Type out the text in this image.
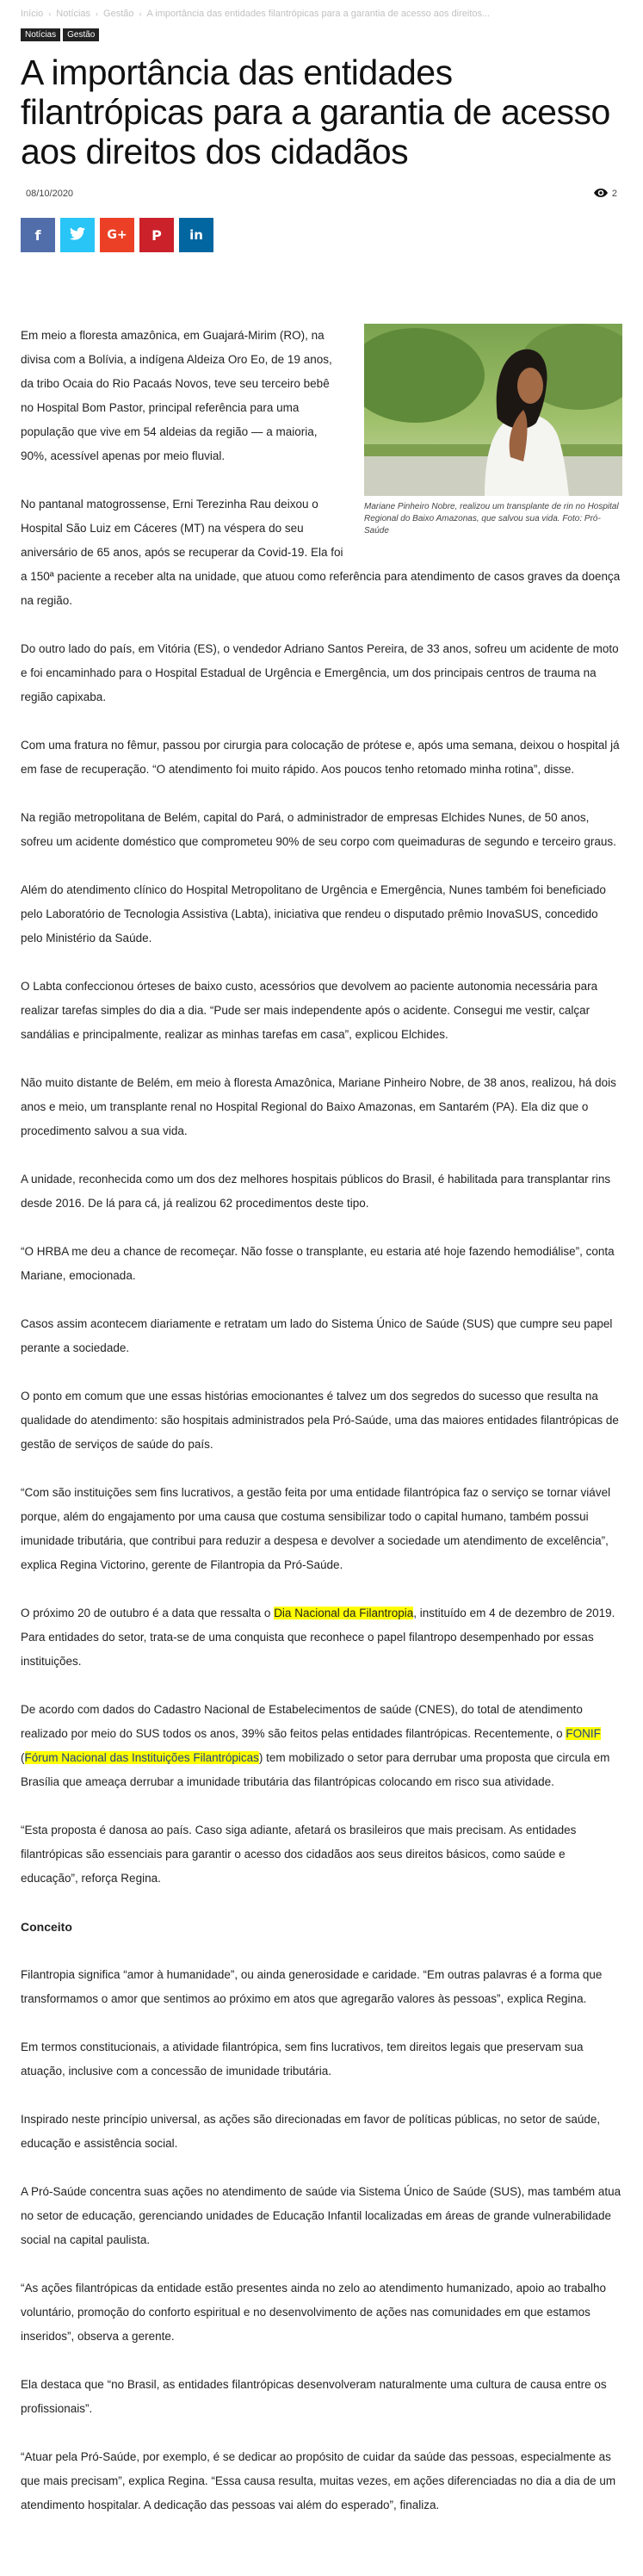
Início › Notícias › Gestão › A importância das entidades filantrópicas para a garantia de acesso aos direitos...
Notícias Gestão
A importância das entidades filantrópicas para a garantia de acesso aos direitos dos cidadãos
08/10/2020	2
f	G+ P in
Mariane Pinheiro Nobre, realizou um transplante de rin no Hospital Regional do Baixo Amazonas, que salvou sua vida. Foto: Pró-Saúde

Em meio a floresta amazônica, em Guajará-Mirim (RO), na divisa com a Bolívia, a indígena Aldeiza Oro Eo, de 19 anos, da tribo Ocaia do Rio Pacaás Novos, teve seu terceiro bebê no Hospital Bom Pastor, principal referência para uma população que vive em 54 aldeias da região — a maioria, 90%, acessível apenas por meio fluvial.

No pantanal matogrossense, Erni Terezinha Rau deixou o Hospital São Luiz em Cáceres (MT) na véspera do seu aniversário de 65 anos, após se recuperar da Covid-19. Ela foi a 150ª paciente a receber alta na unidade, que atuou como referência para atendimento de casos graves da doença na região.

Do outro lado do país, em Vitória (ES), o vendedor Adriano Santos Pereira, de 33 anos, sofreu um acidente de moto e foi encaminhado para o Hospital Estadual de Urgência e Emergência, um dos principais centros de trauma na região capixaba.

Com uma fratura no fêmur, passou por cirurgia para colocação de prótese e, após uma semana, deixou o hospital já em fase de recuperação. “O atendimento foi muito rápido. Aos poucos tenho retomado minha rotina”, disse.

Na região metropolitana de Belém, capital do Pará, o administrador de empresas Elchides Nunes, de 50 anos, sofreu um acidente doméstico que comprometeu 90% de seu corpo com queimaduras de segundo e terceiro graus.

Além do atendimento clínico do Hospital Metropolitano de Urgência e Emergência, Nunes também foi beneficiado pelo Laboratório de Tecnologia Assistiva (Labta), iniciativa que rendeu o disputado prêmio InovaSUS, concedido pelo Ministério da Saúde.

O Labta confeccionou órteses de baixo custo, acessórios que devolvem ao paciente autonomia necessária para realizar tarefas simples do dia a dia. “Pude ser mais independente após o acidente. Consegui me vestir, calçar sandálias e principalmente, realizar as minhas tarefas em casa”, explicou Elchides.

Não muito distante de Belém, em meio à floresta Amazônica, Mariane Pinheiro Nobre, de 38 anos, realizou, há dois anos e meio, um transplante renal no Hospital Regional do Baixo Amazonas, em Santarém (PA). Ela diz que o procedimento salvou a sua vida.

A unidade, reconhecida como um dos dez melhores hospitais públicos do Brasil, é habilitada para transplantar rins desde 2016. De lá para cá, já realizou 62 procedimentos deste tipo.

“O HRBA me deu a chance de recomeçar. Não fosse o transplante, eu estaria até hoje fazendo hemodiálise”, conta Mariane, emocionada.

Casos assim acontecem diariamente e retratam um lado do Sistema Único de Saúde (SUS) que cumpre seu papel perante a sociedade.

O ponto em comum que une essas histórias emocionantes é talvez um dos segredos do sucesso que resulta na qualidade do atendimento: são hospitais administrados pela Pró-Saúde, uma das maiores entidades filantrópicas de gestão de serviços de saúde do país.

“Com são instituições sem fins lucrativos, a gestão feita por uma entidade filantrópica faz o serviço se tornar viável porque, além do engajamento por uma causa que costuma sensibilizar todo o capital humano, também possui imunidade tributária, que contribui para reduzir a despesa e devolver a sociedade um atendimento de excelência”, explica Regina Victorino, gerente de Filantropia da Pró-Saúde.

O próximo 20 de outubro é a data que ressalta o Dia Nacional da Filantropia, instituído em 4 de dezembro de 2019. Para entidades do setor, trata-se de uma conquista que reconhece o papel filantropo desempenhado por essas instituições.

De acordo com dados do Cadastro Nacional de Estabelecimentos de saúde (CNES), do total de atendimento realizado por meio do SUS todos os anos, 39% são feitos pelas entidades filantrópicas. Recentemente, o FONIF (Fórum Nacional das Instituições Filantrópicas) tem mobilizado o setor para derrubar uma proposta que circula em Brasília que ameaça derrubar a imunidade tributária das filantrópicas colocando em risco sua atividade.

“Esta proposta é danosa ao país. Caso siga adiante, afetará os brasileiros que mais precisam. As entidades filantrópicas são essenciais para garantir o acesso dos cidadãos aos seus direitos básicos, como saúde e educação”, reforça Regina.

Conceito

Filantropia significa “amor à humanidade”, ou ainda generosidade e caridade. “Em outras palavras é a forma que transformamos o amor que sentimos ao próximo em atos que agregarão valores às pessoas”, explica Regina.

Em termos constitucionais, a atividade filantrópica, sem fins lucrativos, tem direitos legais que preservam sua atuação, inclusive com a concessão de imunidade tributária.

Inspirado neste princípio universal, as ações são direcionadas em favor de políticas públicas, no setor de saúde, educação e assistência social.

A Pró-Saúde concentra suas ações no atendimento de saúde via Sistema Único de Saúde (SUS), mas também atua no setor de educação, gerenciando unidades de Educação Infantil localizadas em áreas de grande vulnerabilidade social na capital paulista.

“As ações filantrópicas da entidade estão presentes ainda no zelo ao atendimento humanizado, apoio ao trabalho voluntário, promoção do conforto espiritual e no desenvolvimento de ações nas comunidades em que estamos inseridos”, observa a gerente.

Ela destaca que “no Brasil, as entidades filantrópicas desenvolveram naturalmente uma cultura de causa entre os profissionais”.

“Atuar pela Pró-Saúde, por exemplo, é se dedicar ao propósito de cuidar da saúde das pessoas, especialmente as que mais precisam”, explica Regina. “Essa causa resulta, muitas vezes, em ações diferenciadas no dia a dia de um atendimento hospitalar. A dedicação das pessoas vai além do esperado”, finaliza.
